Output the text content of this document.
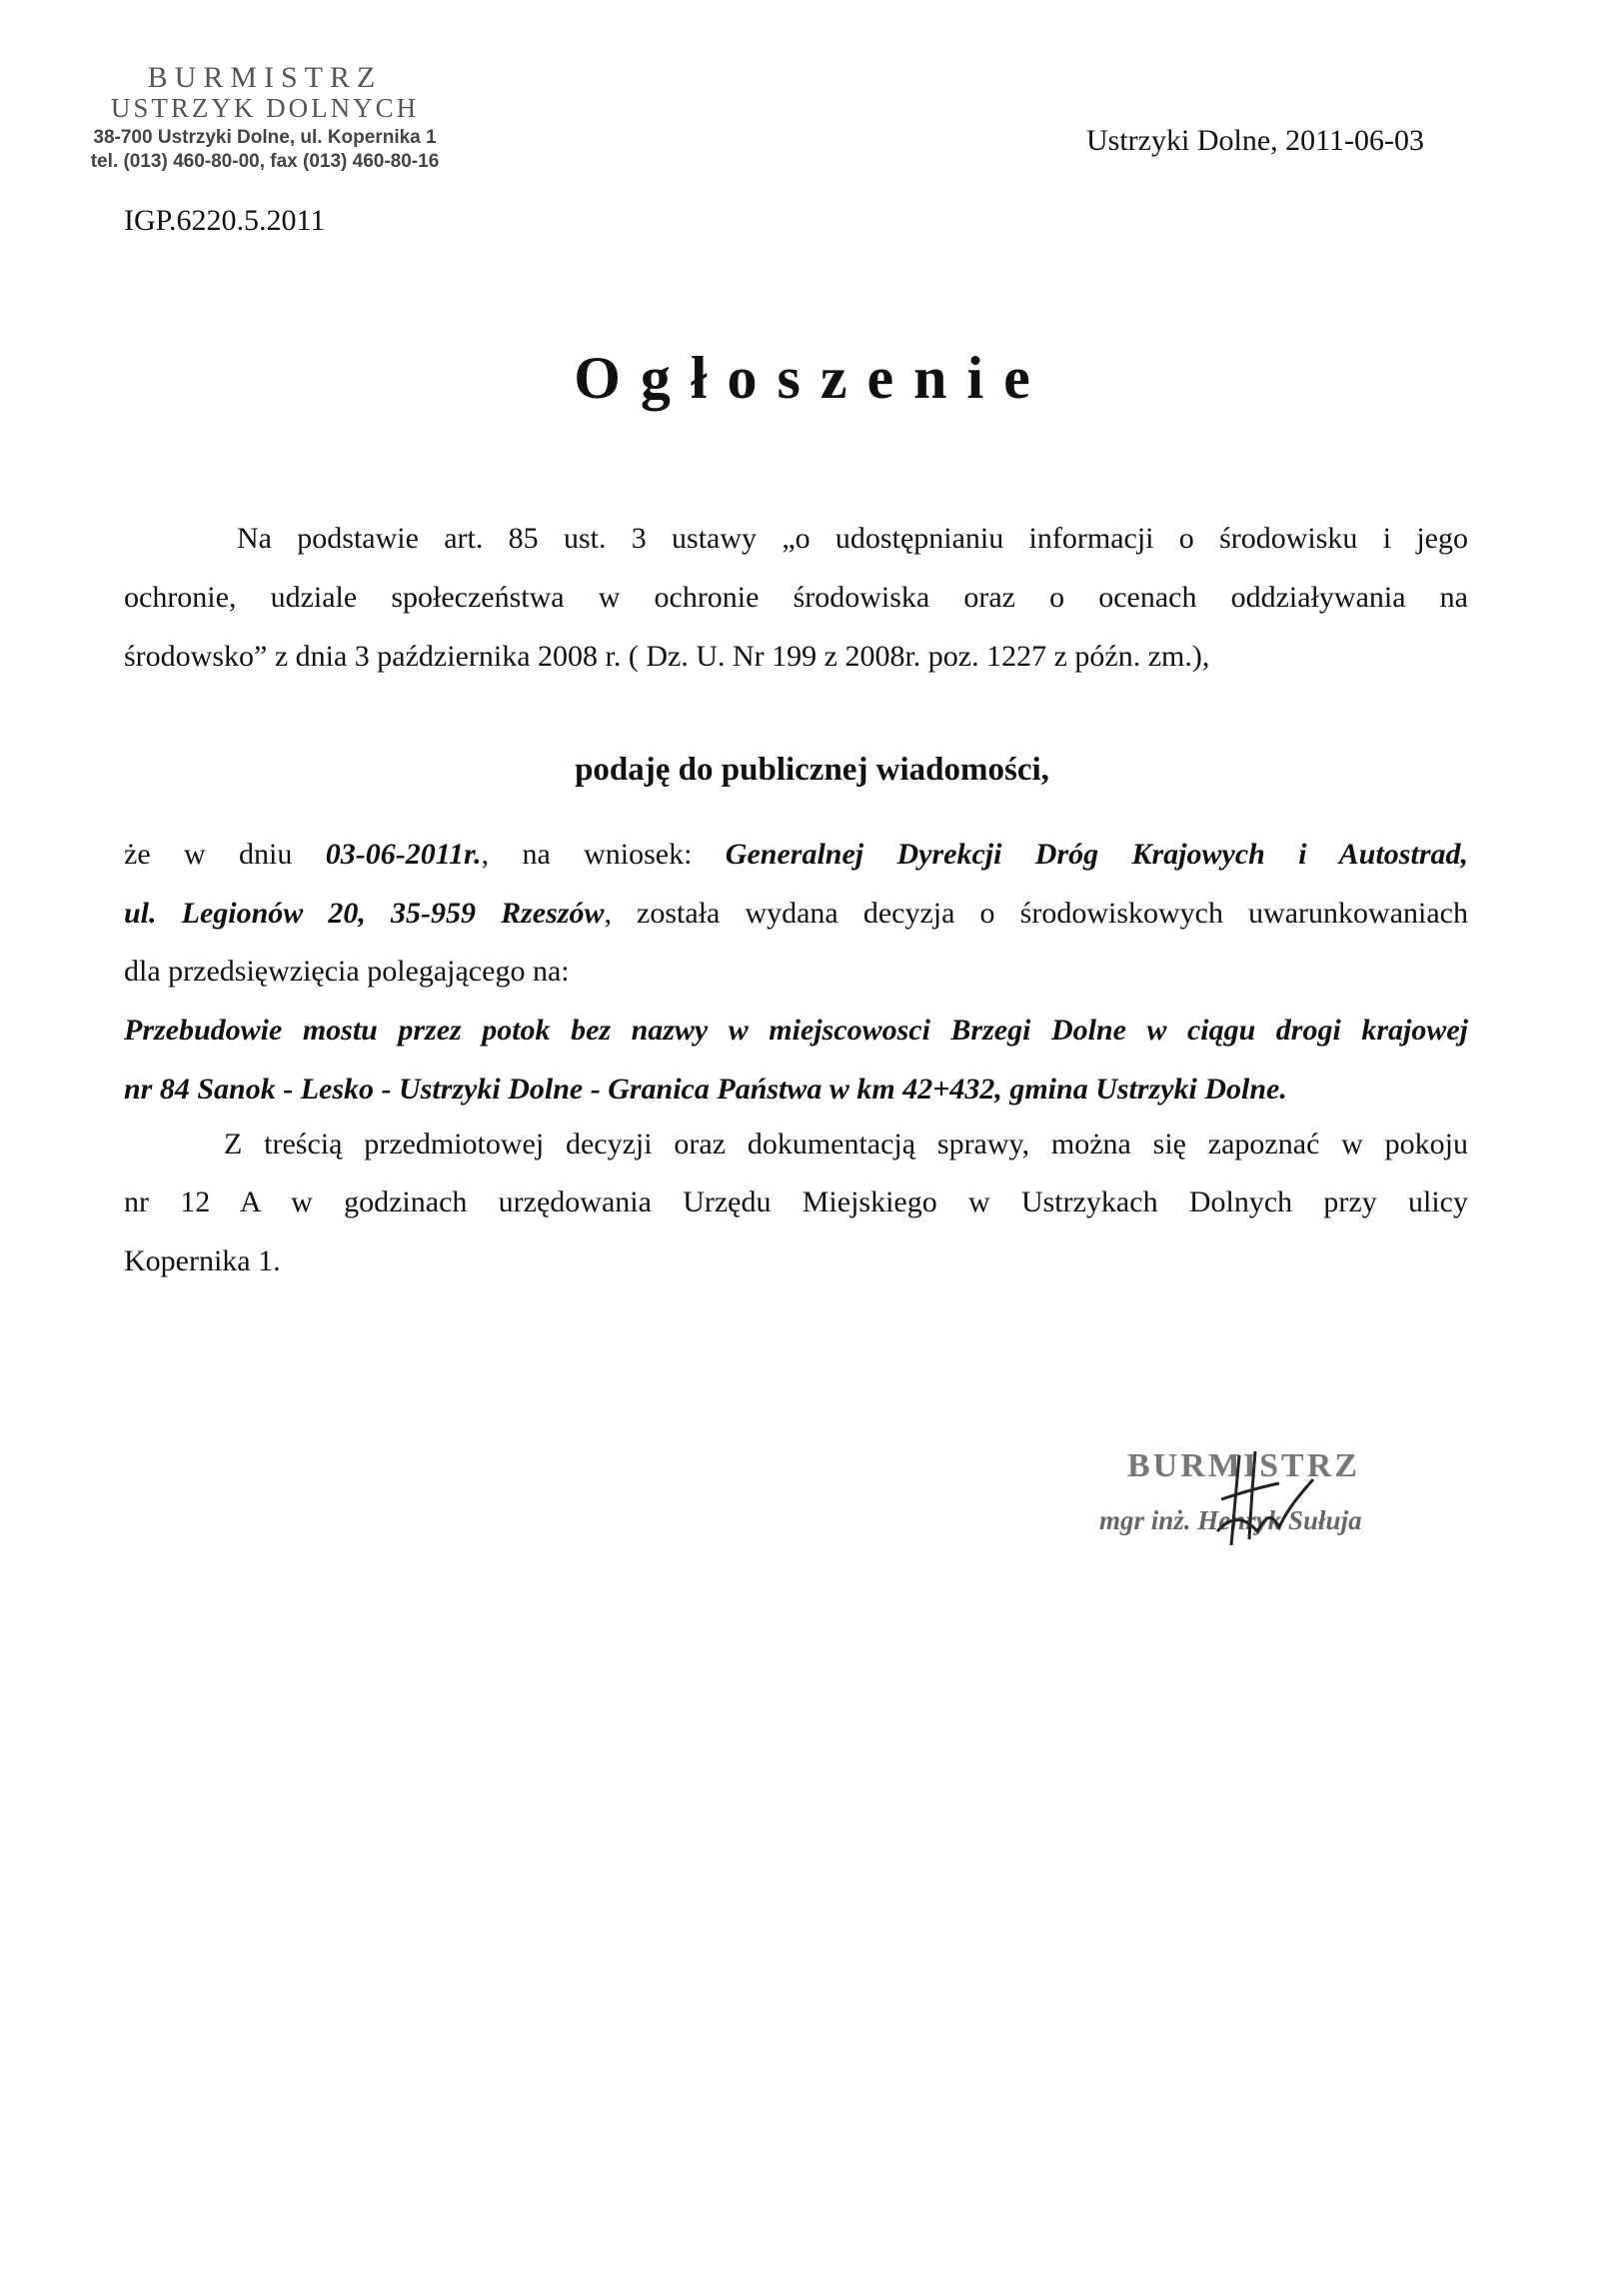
BURMISTRZ
USTRZYK DOLNYCH
38-700 Ustrzyki Dolne, ul. Kopernika 1
tel. (013) 460-80-00, fax (013) 460-80-16
IGP.6220.5.2011
Ustrzyki Dolne, 2011-06-03
Ogłoszenie
Na podstawie art. 85 ust. 3 ustawy „o udostępnianiu informacji o środowisku i jego
ochronie, udziale społeczeństwa w ochronie środowiska oraz o ocenach oddziaływania na
środowsko” z dnia 3 października 2008 r. ( Dz. U. Nr 199 z 2008r. poz. 1227 z późn. zm.),
podaję do publicznej wiadomości,
że w dniu 03-06-2011r., na wniosek: Generalnej Dyrekcji Dróg Krajowych i Autostrad,
ul. Legionów 20, 35-959 Rzeszów, została wydana decyzja o środowiskowych uwarunkowaniach
dla przedsięwzięcia polegającego na:
Przebudowie mostu przez potok bez nazwy w miejscowosci Brzegi Dolne w ciągu drogi krajowej
nr 84 Sanok - Lesko - Ustrzyki Dolne - Granica Państwa w km 42+432, gmina Ustrzyki Dolne.
Z treścią przedmiotowej decyzji oraz dokumentacją sprawy, można się zapoznać w pokoju
nr 12 A w godzinach urzędowania Urzędu Miejskiego w Ustrzykach Dolnych przy ulicy
Kopernika 1.
BURMISTRZ
mgr inż. Henryk Sułuja
